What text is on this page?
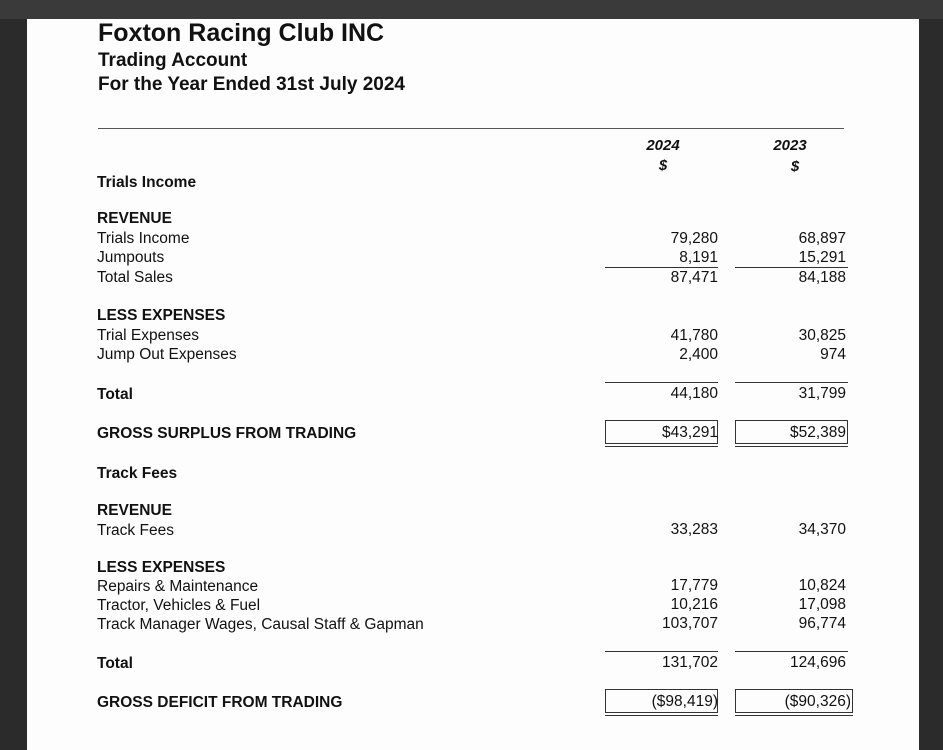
Foxton Racing Club INC
Trading Account
For the Year Ended 31st July 2024
2024
$
2023
$
Trials Income
REVENUE
Trials Income	79,280	68,897
Jumpouts	8,191	15,291
Total Sales	87,471	84,188
LESS EXPENSES
Trial Expenses	41,780	30,825
Jump Out Expenses	2,400	974
Total	44,180	31,799
GROSS SURPLUS FROM TRADING	$43,291	$52,389
Track Fees
REVENUE
Track Fees	33,283	34,370
LESS EXPENSES
Repairs & Maintenance	17,779	10,824
Tractor, Vehicles & Fuel	10,216	17,098
Track Manager Wages, Causal Staff & Gapman	103,707	96,774
Total	131,702	124,696
GROSS DEFICIT FROM TRADING	($98,419)	($90,326)
